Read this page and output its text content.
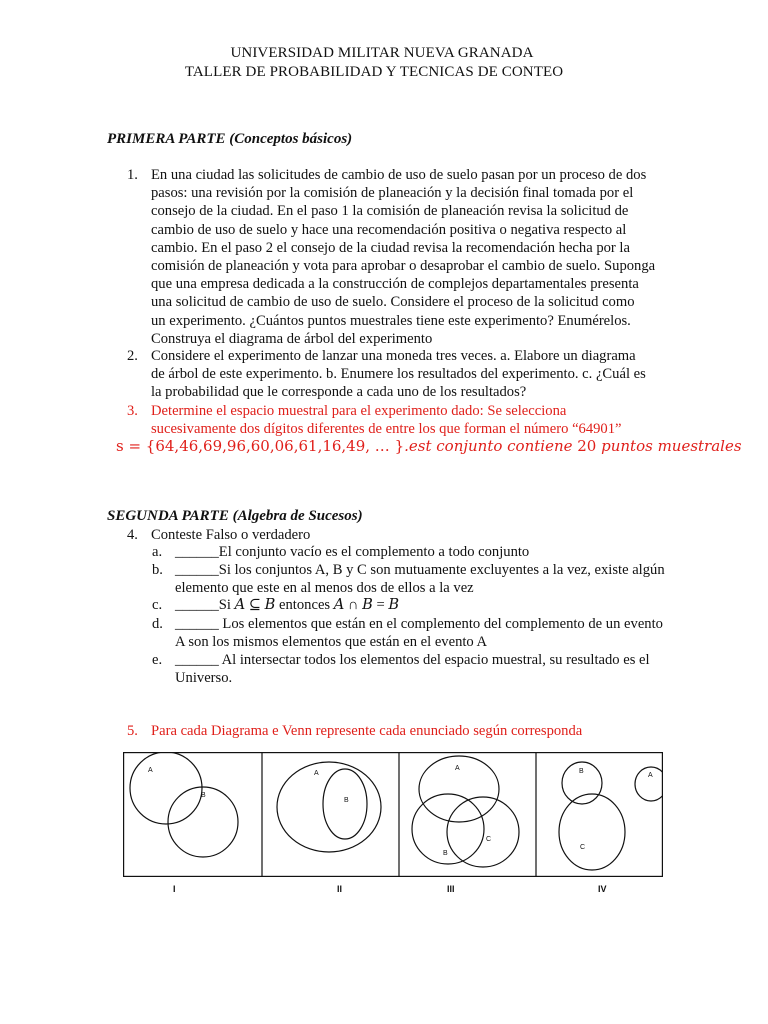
UNIVERSIDAD MILITAR NUEVA GRANADA
TALLER DE PROBABILIDAD Y TECNICAS DE CONTEO
PRIMERA PARTE (Conceptos básicos)
1. En una ciudad las solicitudes de cambio de uso de suelo pasan por un proceso de dos
pasos: una revisión por la comisión de planeación y la decisión final tomada por el
consejo de la ciudad. En el paso 1 la comisión de planeación revisa la solicitud de
cambio de uso de suelo y hace una recomendación positiva o negativa respecto al
cambio. En el paso 2 el consejo de la ciudad revisa la recomendación hecha por la
comisión de planeación y vota para aprobar o desaprobar el cambio de suelo. Suponga
que una empresa dedicada a la construcción de complejos departamentales presenta
una solicitud de cambio de uso de suelo. Considere el proceso de la solicitud como
un experimento. ¿Cuántos puntos muestrales tiene este experimento? Enumérelos.
Construya el diagrama de árbol del experimento
2. Considere el experimento de lanzar una moneda tres veces. a. Elabore un diagrama
de árbol de este experimento. b. Enumere los resultados del experimento. c. ¿Cuál es
la probabilidad que le corresponde a cada uno de los resultados?
3. Determine el espacio muestral para el experimento dado: Se selecciona
sucesivamente dos dígitos diferentes de entre los que forman el número “64901”
s = {64,46,69,96,60,06,61,16,49, … }.est conjunto contiene 20 puntos muestrales
SEGUNDA PARTE (Algebra de Sucesos)
4. Conteste Falso o verdadero
a. ______El conjunto vacío es el complemento a todo conjunto
b. ______Si los conjuntos A, B y C son mutuamente excluyentes a la vez, existe algún
elemento que este en al menos dos de ellos a la vez
c. ______Si 𝐴 ⊆ 𝐵 entonces 𝐴 ∩ 𝐵 = 𝐵
d. ______ Los elementos que están en el complemento del complemento de un evento
A son los mismos elementos que están en el evento A
e. ______ Al intersectar todos los elementos del espacio muestral, su resultado es el
Universo.
5. Para cada Diagrama e Venn represente cada enunciado según corresponda
A
B
A
B
A
B
C
B
A
C
I	II	III	IV
